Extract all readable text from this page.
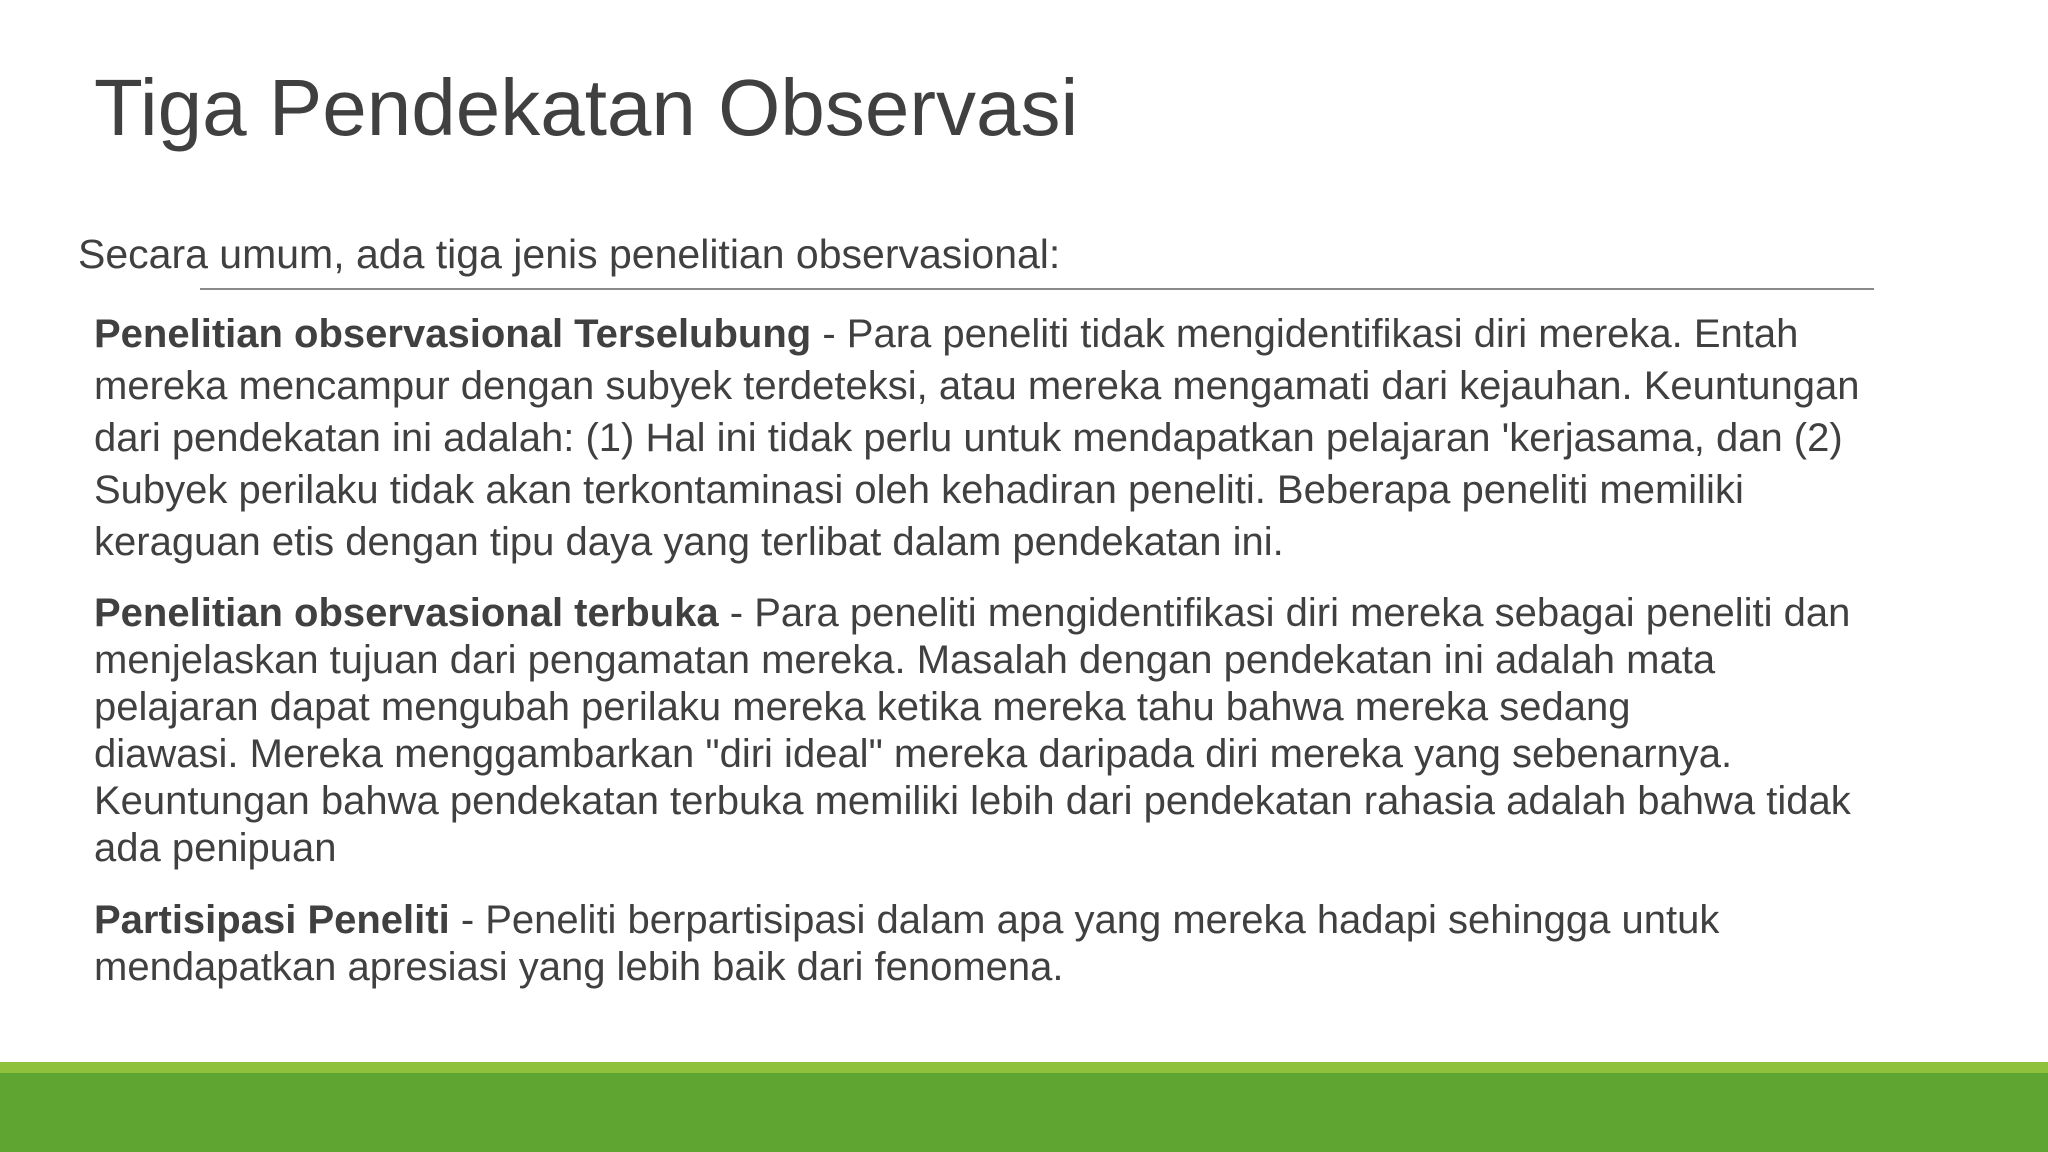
Tiga Pendekatan Observasi

Secara umum, ada tiga jenis penelitian observasional:

Penelitian observasional Terselubung - Para peneliti tidak mengidentifikasi diri mereka. Entah
mereka mencampur dengan subyek terdeteksi, atau mereka mengamati dari kejauhan. Keuntungan
dari pendekatan ini adalah: (1) Hal ini tidak perlu untuk mendapatkan pelajaran 'kerjasama, dan (2)
Subyek perilaku tidak akan terkontaminasi oleh kehadiran peneliti. Beberapa peneliti memiliki
keraguan etis dengan tipu daya yang terlibat dalam pendekatan ini.

Penelitian observasional terbuka - Para peneliti mengidentifikasi diri mereka sebagai peneliti dan
menjelaskan tujuan dari pengamatan mereka. Masalah dengan pendekatan ini adalah mata
pelajaran dapat mengubah perilaku mereka ketika mereka tahu bahwa mereka sedang
diawasi. Mereka menggambarkan "diri ideal" mereka daripada diri mereka yang sebenarnya.
Keuntungan bahwa pendekatan terbuka memiliki lebih dari pendekatan rahasia adalah bahwa tidak
ada penipuan

Partisipasi Peneliti - Peneliti berpartisipasi dalam apa yang mereka hadapi sehingga untuk
mendapatkan apresiasi yang lebih baik dari fenomena.
